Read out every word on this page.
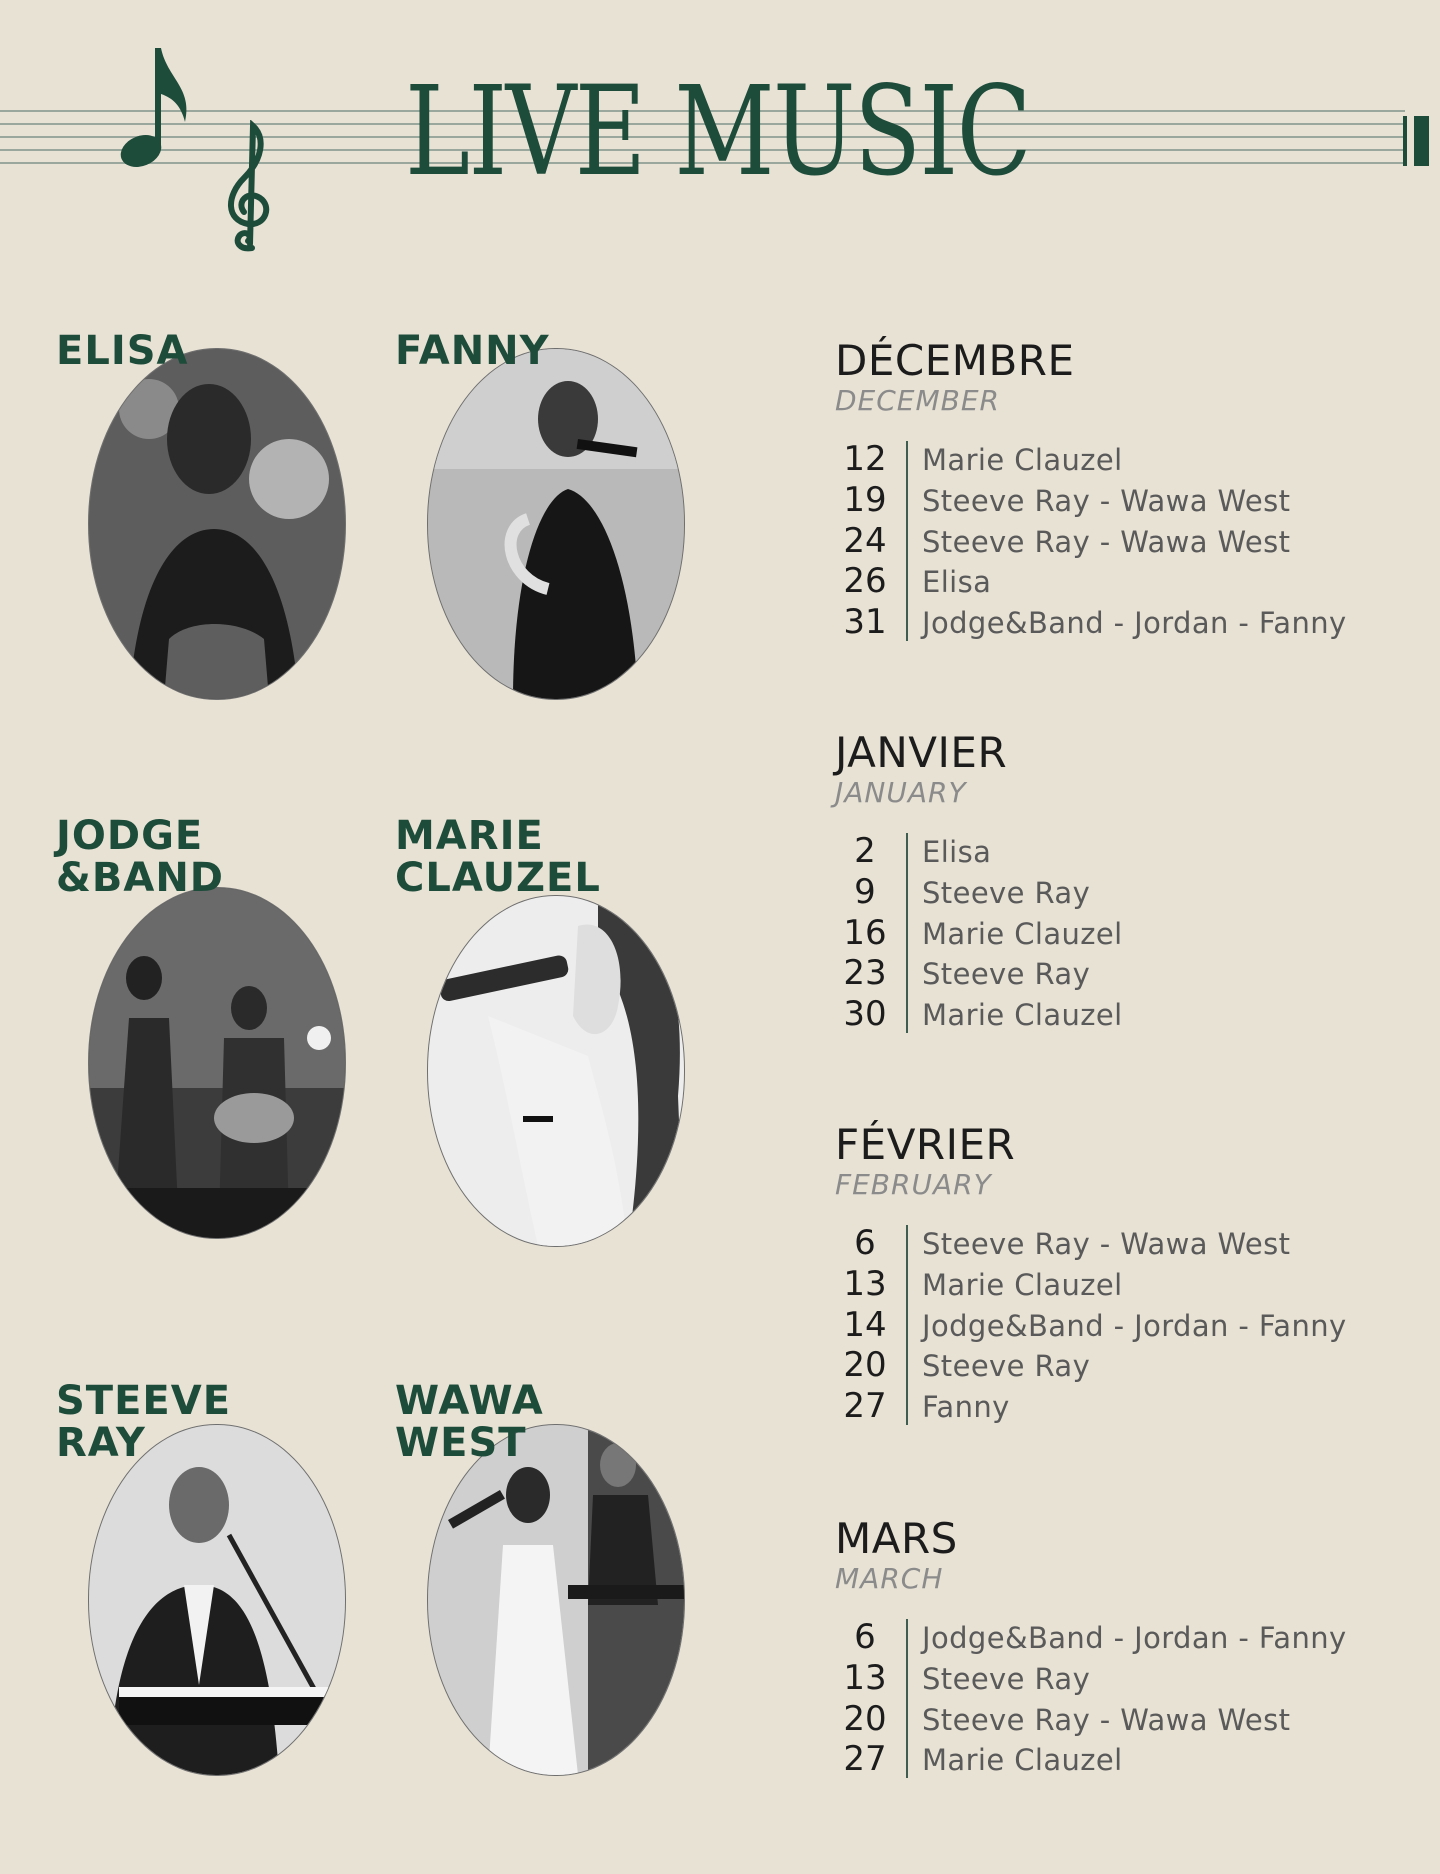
LIVE MUSIC
ELISA	FANNY
JODGE
&BAND
MARIE
CLAUZEL
STEEVE
RAY
WAWA
WEST

DÉCEMBRE

DECEMBER

12 Marie Clauzel
19 Steeve Ray - Wawa West
24 Steeve Ray - Wawa West
26 Elisa
31 Jodge&Band - Jordan - Fanny

JANVIER

JANUARY

2	Elisa
9	Steeve Ray
16 Marie Clauzel
23 Steeve Ray
30 Marie Clauzel

FÉVRIER

FEBRUARY

6	Steeve Ray - Wawa West
13 Marie Clauzel
14 Jodge&Band - Jordan - Fanny
20 Steeve Ray
27 Fanny

MARS

MARCH

6	Jodge&Band - Jordan - Fanny
13 Steeve Ray
20 Steeve Ray - Wawa West
27 Marie Clauzel
